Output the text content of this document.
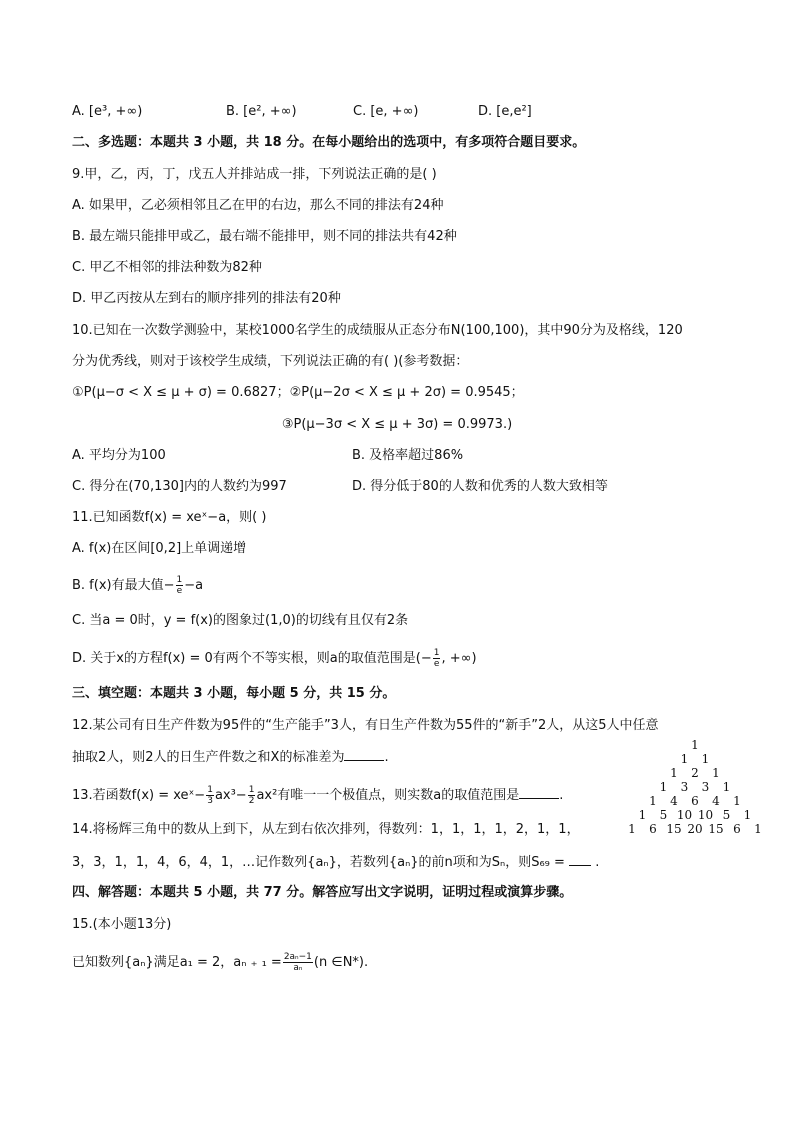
A. [e³, +∞)	B. [e², +∞)	C. [e, +∞)	D. [e,e²]
二、多选题：本题共 3 小题，共 18 分。在每小题给出的选项中，有多项符合题目要求。
9.甲，乙，丙，丁，戊五人并排站成一排，下列说法正确的是( )
A. 如果甲，乙必须相邻且乙在甲的右边，那么不同的排法有24种
B. 最左端只能排甲或乙，最右端不能排甲，则不同的排法共有42种
C. 甲乙不相邻的排法种数为82种
D. 甲乙丙按从左到右的顺序排列的排法有20种
10.已知在一次数学测验中，某校1000名学生的成绩服从正态分布N(100,100)，其中90分为及格线，120
分为优秀线，则对于该校学生成绩，下列说法正确的有( )(参考数据：
①P(μ−σ < X ≤ μ + σ) = 0.6827；②P(μ−2σ < X ≤ μ + 2σ) = 0.9545；
③P(μ−3σ < X ≤ μ + 3σ) = 0.9973.)
A. 平均分为100	B. 及格率超过86%
C. 得分在(70,130]内的人数约为997	D. 得分低于80的人数和优秀的人数大致相等
11.已知函数f(x) = xeˣ−a，则( )
A. f(x)在区间[0,2]上单调递增
B. f(x)有最大值− $\frac{1}{e} -a$
C. 当a = 0时，y = f(x)的图象过(1,0)的切线有且仅有2条
D. 关于x的方程f(x) = 0有两个不等实根，则a的取值范围是(− $\frac{1}{e}$ , +∞)
三、填空题：本题共 3 小题，每小题 5 分，共 15 分。
12.某公司有日生产件数为95件的“生产能手”3人，有日生产件数为55件的“新手”2人，从这5人中任意
抽取2人，则2人的日生产件数之和X的标准差为	.
13.若函数f(x) = xeˣ− $\frac{1}{3} ax^3- \frac{1}{2} ax^2$有唯一一个极值点，则实数a的取值范围是	.
14.将杨辉三角中的数从上到下，从左到右依次排列，得数列：1，1，1，1，2，1，1，
3，3，1，1，4，6，4，1，…记作数列{aₙ}，若数列{aₙ}的前n项和为Sₙ，则S₆₉ = .
1
1 1
1 2 1
1 3 3 1
1 4 6 4 1
1 5 10 10 5 1
1 6 15 20 15 6 1
四、解答题：本题共 5 小题，共 77 分。解答应写出文字说明，证明过程或演算步骤。
15.(本小题13分)
已知数列{aₙ}满足a₁ = 2，aₙ ₊ $_1 = \frac{\text{2aₙ−1}}{\text{aₙ}} (n$ ∈N*).
